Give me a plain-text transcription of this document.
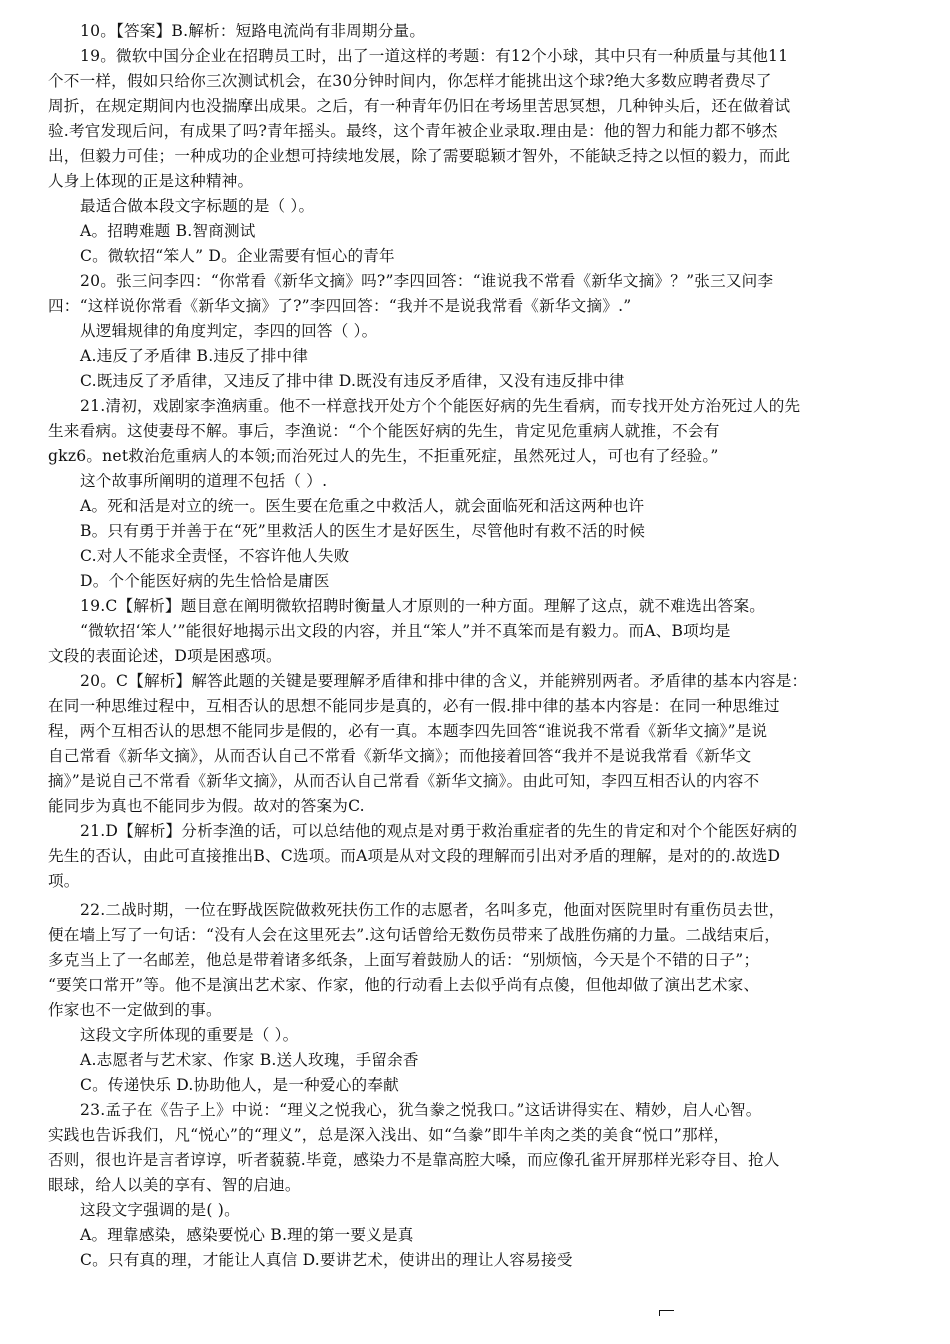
10。【答案】B.解析：短路电流尚有非周期分量。
19。微软中国分企业在招聘员工时，出了一道这样的考题：有12个小球，其中只有一种质量与其他11
个不一样，假如只给你三次测试机会，在30分钟时间内，你怎样才能挑出这个球?绝大多数应聘者费尽了
周折，在规定期间内也没揣摩出成果。之后，有一种青年仍旧在考场里苦思冥想，几种钟头后，还在做着试
验.考官发现后问，有成果了吗?青年摇头。最终，这个青年被企业录取.理由是：他的智力和能力都不够杰
出，但毅力可佳；一种成功的企业想可持续地发展，除了需要聪颖才智外，不能缺乏持之以恒的毅力，而此
人身上体现的正是这种精神。
最适合做本段文字标题的是（ ）。
A。招聘难题 B.智商测试
C。微软招“笨人” D。企业需要有恒心的青年
20。张三问李四：“你常看《新华文摘》吗?”李四回答：“谁说我不常看《新华文摘》？”张三又问李
四：“这样说你常看《新华文摘》了?”李四回答：“我并不是说我常看《新华文摘》.”
从逻辑规律的角度判定，李四的回答（ ）。
A.违反了矛盾律 B.违反了排中律
C.既违反了矛盾律，又违反了排中律 D.既没有违反矛盾律，又没有违反排中律
21.清初，戏剧家李渔病重。他不一样意找开处方个个能医好病的先生看病，而专找开处方治死过人的先
生来看病。这使妻母不解。事后，李渔说：“个个能医好病的先生，肯定见危重病人就推，不会有
gkz6。net救治危重病人的本领;而治死过人的先生，不拒重死症，虽然死过人，可也有了经验。”
这个故事所阐明的道理不包括（ ）.
A。死和活是对立的统一。医生要在危重之中救活人，就会面临死和活这两种也许
B。只有勇于并善于在“死”里救活人的医生才是好医生，尽管他时有救不活的时候
C.对人不能求全责怪，不容许他人失败
D。个个能医好病的先生恰恰是庸医
19.C【解析】题目意在阐明微软招聘时衡量人才原则的一种方面。理解了这点，就不难选出答案。
“微软招‘笨人’”能很好地揭示出文段的内容，并且“笨人”并不真笨而是有毅力。而A、B项均是
文段的表面论述，D项是困惑项。
20。C【解析】解答此题的关键是要理解矛盾律和排中律的含义，并能辨别两者。矛盾律的基本内容是：
在同一种思维过程中，互相否认的思想不能同步是真的，必有一假.排中律的基本内容是：在同一种思维过
程，两个互相否认的思想不能同步是假的，必有一真。本题李四先回答“谁说我不常看《新华文摘》”是说
自己常看《新华文摘》，从而否认自己不常看《新华文摘》；而他接着回答“我并不是说我常看《新华文
摘》”是说自己不常看《新华文摘》，从而否认自己常看《新华文摘》。由此可知，李四互相否认的内容不
能同步为真也不能同步为假。故对的答案为C.
21.D【解析】分析李渔的话，可以总结他的观点是对勇于救治重症者的先生的肯定和对个个能医好病的
先生的否认，由此可直接推出B、C选项。而A项是从对文段的理解而引出对矛盾的理解，是对的的.故选D
项。
22.二战时期，一位在野战医院做救死扶伤工作的志愿者，名叫多克，他面对医院里时有重伤员去世，
便在墙上写了一句话：“没有人会在这里死去”.这句话曾给无数伤员带来了战胜伤痛的力量。二战结束后，
多克当上了一名邮差，他总是带着诸多纸条，上面写着鼓励人的话：“别烦恼，今天是个不错的日子”；
“要笑口常开”等。他不是演出艺术家、作家，他的行动看上去似乎尚有点傻，但他却做了演出艺术家、
作家也不一定做到的事。
这段文字所体现的重要是（ ）。
A.志愿者与艺术家、作家 B.送人玫瑰，手留余香
C。传递快乐 D.协助他人，是一种爱心的奉献
23.孟子在《告子上》中说：“理义之悦我心，犹刍豢之悦我口。”这话讲得实在、精妙，启人心智。
实践也告诉我们，凡“悦心”的“理义”，总是深入浅出、如“刍豢”即牛羊肉之类的美食“悦口”那样，
否则，很也许是言者谆谆，听者藐藐.毕竟，感染力不是靠高腔大嗓，而应像孔雀开屏那样光彩夺目、抢人
眼球，给人以美的享有、智的启迪。
这段文字强调的是( )。
A。理靠感染，感染要悦心 B.理的第一要义是真
C。只有真的理，才能让人真信 D.要讲艺术，使讲出的理让人容易接受
